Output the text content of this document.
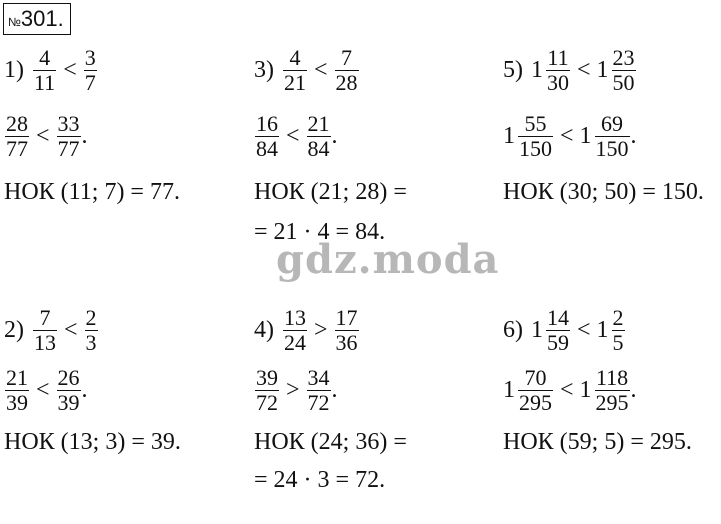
№301.
gdz.moda
$1) \frac{4}{11} < \frac{3}{7}$
$\frac{28}{77} < \frac{33}{77}$ .
НОК (11; 7) = 77.
$3) \frac{4}{21} < \frac{7}{28}$
$\frac{16}{84} < \frac{21}{84}$ .
НОК (21; 28) =
= 21 · 4 = 84.
5) $1 \frac{11}{30} < 1 \frac{23}{50}$
$1 \frac{55}{150} < 1 \frac{69}{150}$ .
НОК (30; 50) = 150.
$2) \frac{7}{13} < \frac{2}{3}$
$\frac{21}{39} < \frac{26}{39}$ .
НОК (13; 3) = 39.
$4) \frac{13}{24} > \frac{17}{36}$
$\frac{39}{72} > \frac{34}{72}$ .
НОК (24; 36) =
= 24 · 3 = 72.
6) $1 \frac{14}{59} < 1 \frac{2}{5}$
$1 \frac{70}{295} < 1 \frac{118}{295}$ .
НОК (59; 5) = 295.
